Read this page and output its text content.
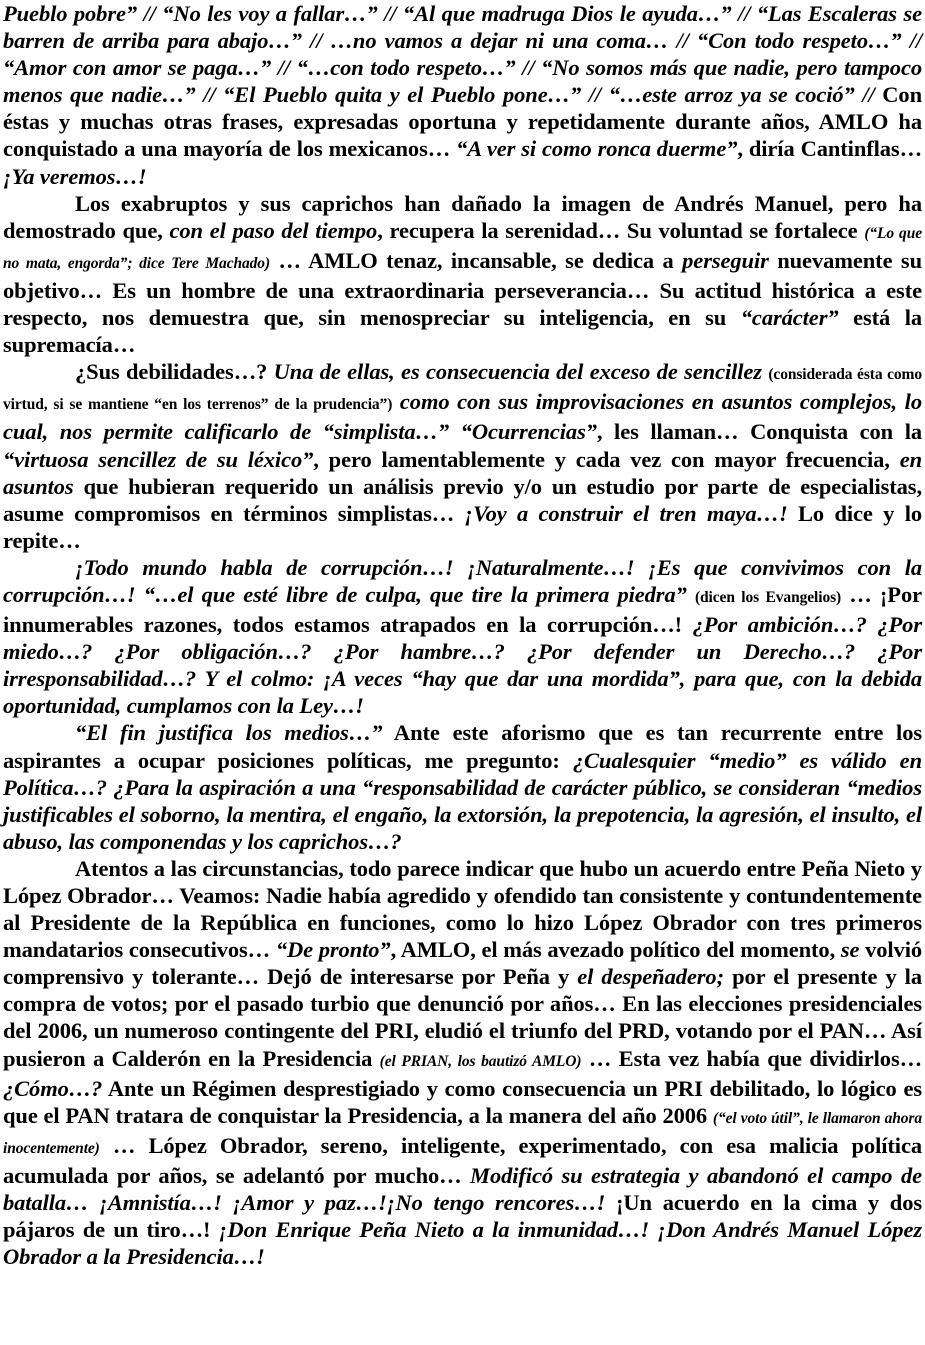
Pueblo pobre” // “No les voy a fallar…” // “Al que madruga Dios le ayuda…” // “Las Escaleras se barren de arriba para abajo…” // …no vamos a dejar ni una coma… // “Con todo respeto…” // “Amor con amor se paga…” // “…con todo respeto…” // “No somos más que nadie, pero tampoco menos que nadie…” // “El Pueblo quita y el Pueblo pone…” // “…este arroz ya se coció” // Con éstas y muchas otras frases, expresadas oportuna y repetidamente durante años, AMLO ha conquistado a una mayoría de los mexicanos… “A ver si como ronca duerme”, diría Cantinflas… ¡Ya veremos…!

Los exabruptos y sus caprichos han dañado la imagen de Andrés Manuel, pero ha demostrado que, con el paso del tiempo, recupera la serenidad… Su voluntad se fortalece (“Lo que no mata, engorda”; dice Tere Machado) … AMLO tenaz, incansable, se dedica a perseguir nuevamente su objetivo… Es un hombre de una extraordinaria perseverancia… Su actitud histórica a este respecto, nos demuestra que, sin menospreciar su inteligencia, en su “carácter” está la supremacía…

¿Sus debilidades…? Una de ellas, es consecuencia del exceso de sencillez (considerada ésta como virtud, si se mantiene “en los terrenos” de la prudencia”) como con sus improvisaciones en asuntos complejos, lo cual, nos permite calificarlo de “simplista…” “Ocurrencias”, les llaman… Conquista con la “virtuosa sencillez de su léxico”, pero lamentablemente y cada vez con mayor frecuencia, en asuntos que hubieran requerido un análisis previo y/o un estudio por parte de especialistas, asume compromisos en términos simplistas… ¡Voy a construir el tren maya…! Lo dice y lo repite…

¡Todo mundo habla de corrupción…! ¡Naturalmente…! ¡Es que convivimos con la corrupción…! “…el que esté libre de culpa, que tire la primera piedra” (dicen los Evangelios) … ¡Por innumerables razones, todos estamos atrapados en la corrupción…! ¿Por ambición…? ¿Por miedo…? ¿Por obligación…? ¿Por hambre…? ¿Por defender un Derecho…? ¿Por irresponsabilidad…? Y el colmo: ¡A veces “hay que dar una mordida”, para que, con la debida oportunidad, cumplamos con la Ley…!

“El fin justifica los medios…” Ante este aforismo que es tan recurrente entre los aspirantes a ocupar posiciones políticas, me pregunto: ¿Cualesquier “medio” es válido en Política…? ¿Para la aspiración a una “responsabilidad de carácter público, se consideran “medios justificables el soborno, la mentira, el engaño, la extorsión, la prepotencia, la agresión, el insulto, el abuso, las componendas y los caprichos…?

Atentos a las circunstancias, todo parece indicar que hubo un acuerdo entre Peña Nieto y López Obrador… Veamos: Nadie había agredido y ofendido tan consistente y contundentemente al Presidente de la República en funciones, como lo hizo López Obrador con tres primeros mandatarios consecutivos… “De pronto”, AMLO, el más avezado político del momento, se volvió comprensivo y tolerante… Dejó de interesarse por Peña y el despeñadero; por el presente y la compra de votos; por el pasado turbio que denunció por años… En las elecciones presidenciales del 2006, un numeroso contingente del PRI, eludió el triunfo del PRD, votando por el PAN… Así pusieron a Calderón en la Presidencia (el PRIAN, los bautizó AMLO) … Esta vez había que dividirlos… ¿Cómo…? Ante un Régimen desprestigiado y como consecuencia un PRI debilitado, lo lógico es que el PAN tratara de conquistar la Presidencia, a la manera del año 2006 (“el voto útil”, le llamaron ahora inocentemente) … López Obrador, sereno, inteligente, experimentado, con esa malicia política acumulada por años, se adelantó por mucho… Modificó su estrategia y abandonó el campo de batalla… ¡Amnistía…! ¡Amor y paz…!¡No tengo rencores…! ¡Un acuerdo en la cima y dos pájaros de un tiro…! ¡Don Enrique Peña Nieto a la inmunidad…! ¡Don Andrés Manuel López Obrador a la Presidencia…!
